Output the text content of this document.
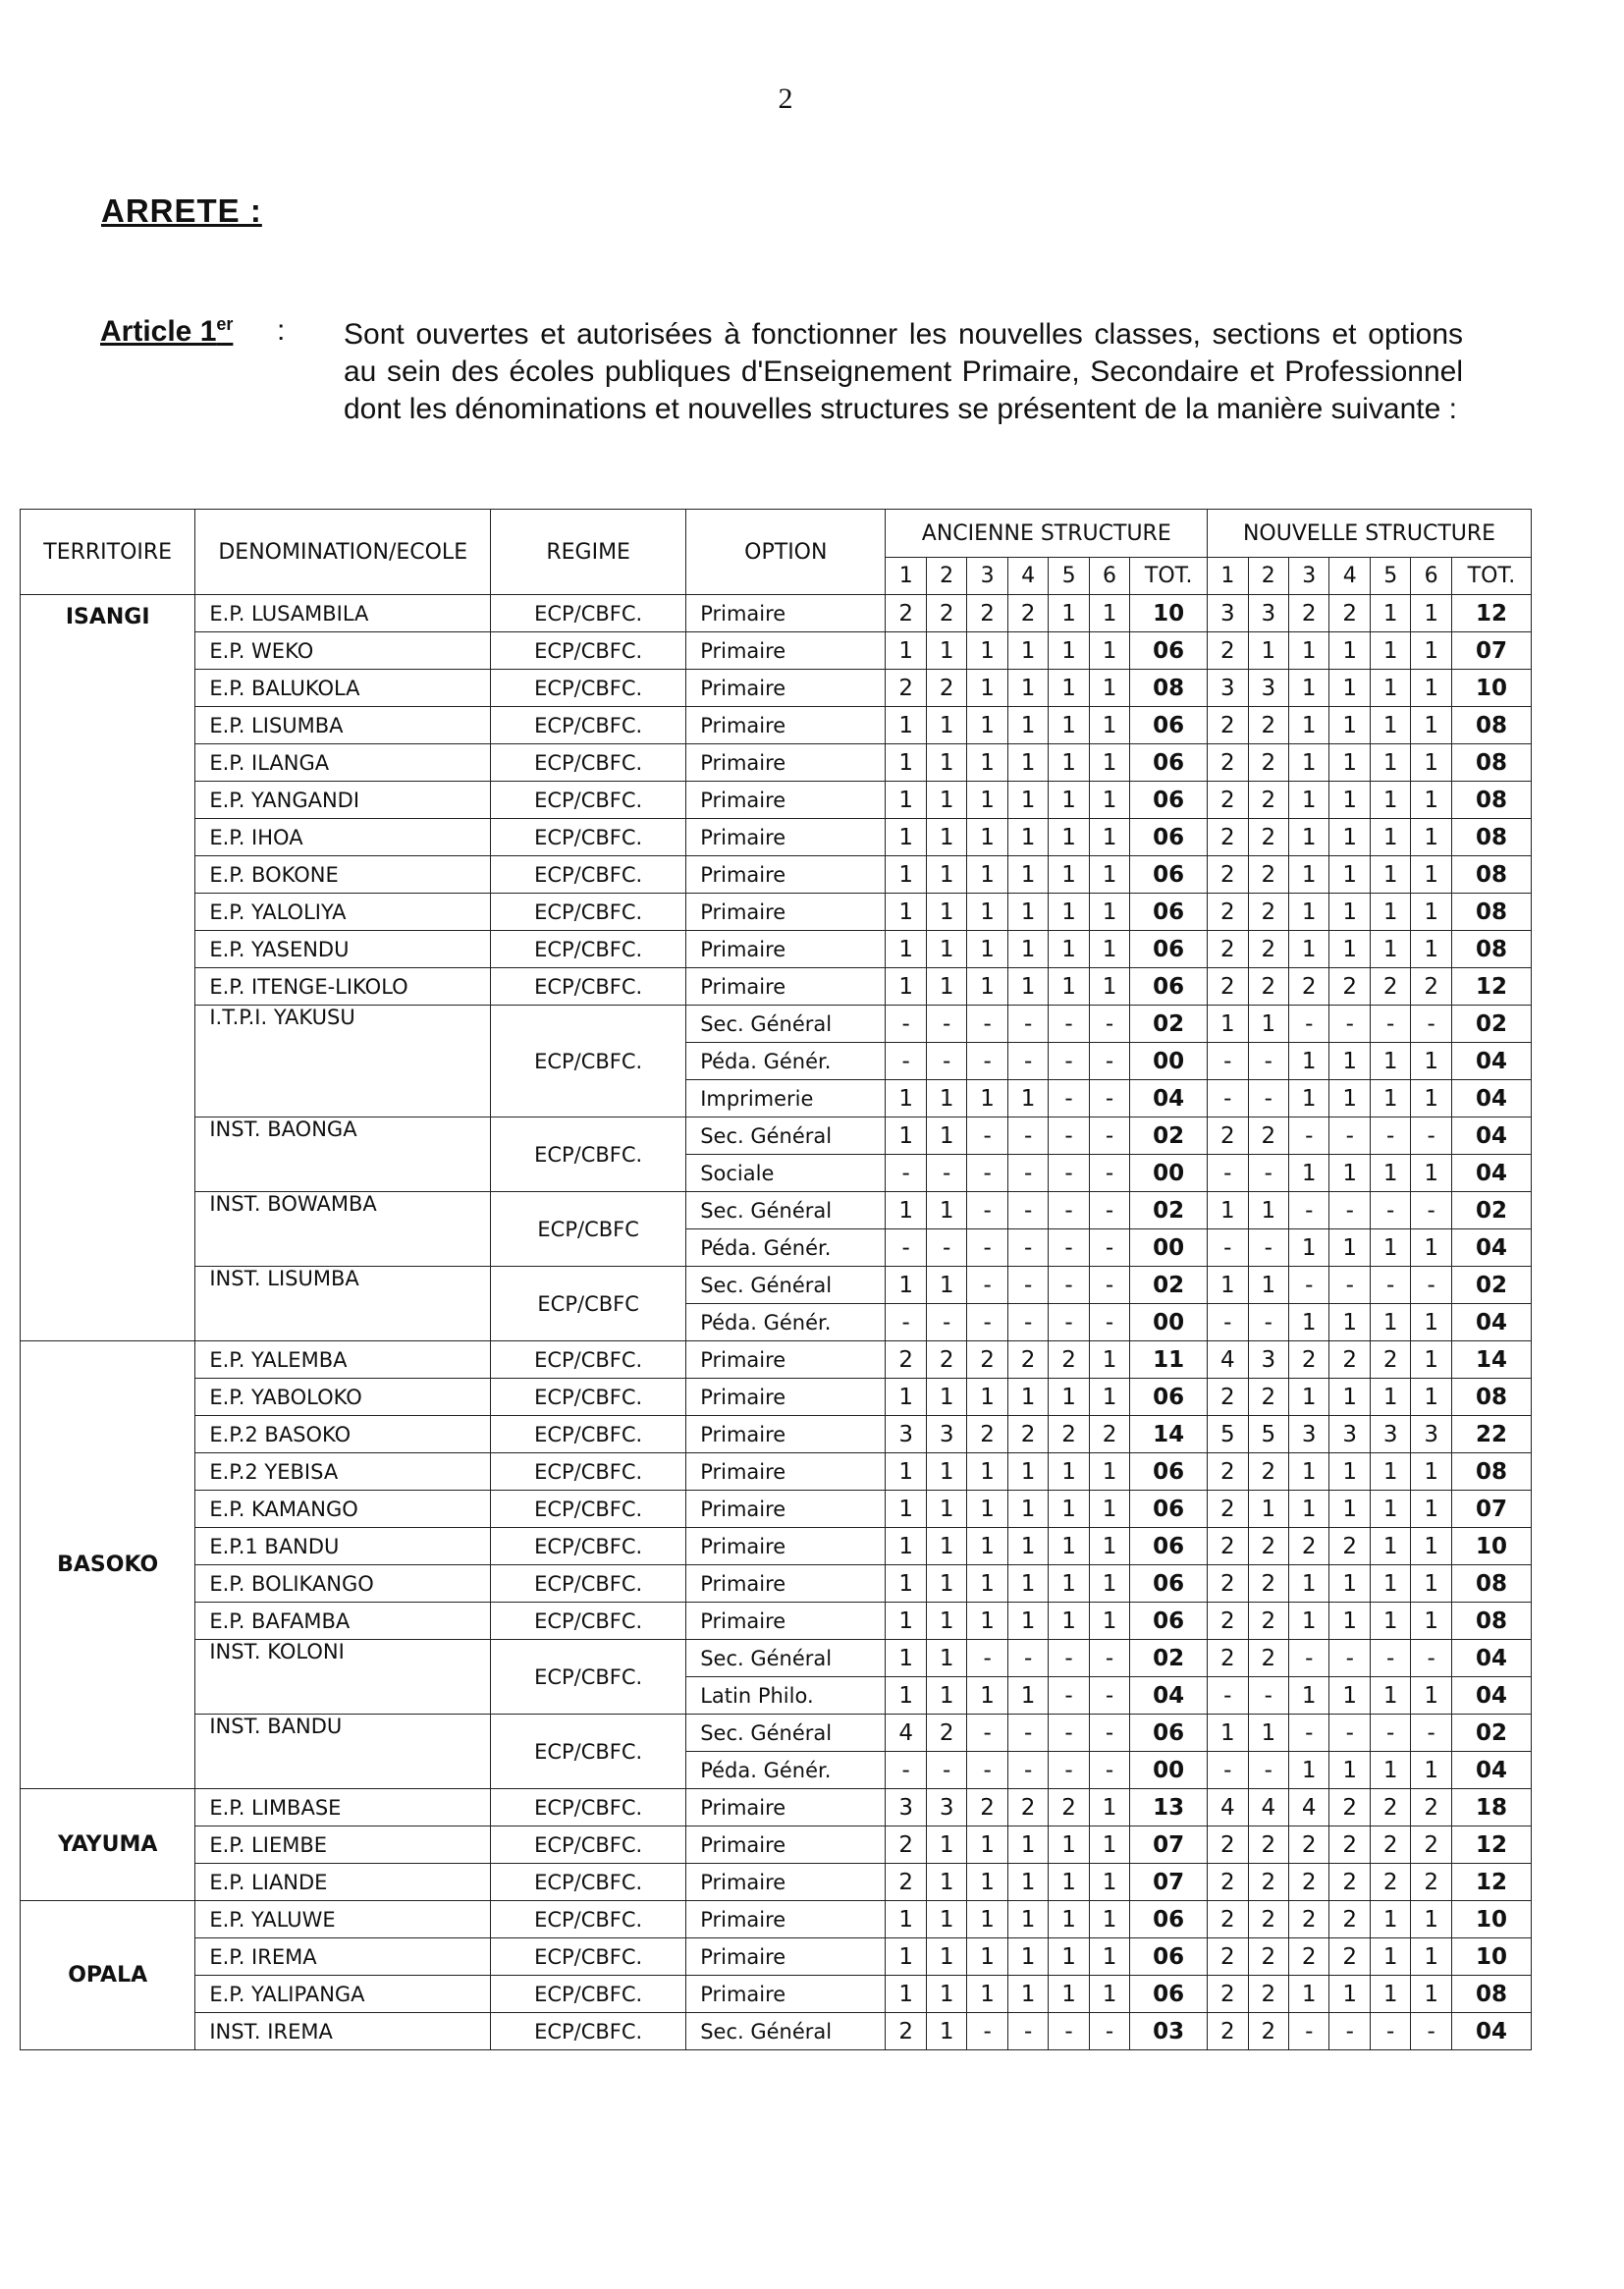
2
ARRETE :
Article 1er : Sont ouvertes et autorisées à fonctionner les nouvelles classes, sections et options au sein des écoles publiques d'Enseignement Primaire, Secondaire et Professionnel dont les dénominations et nouvelles structures se présentent de la manière suivante :
TERRITOIRE	DENOMINATION/ECOLE	REGIME	OPTION	ANCIENNE STRUCTURE							NOUVELLE STRUCTURE						
				1	2	3	4	5	6	TOT.	1	2	3	4	5	6	TOT.
ISANGI	E.P. LUSAMBILA	ECP/CBFC.	Primaire	2	2	2	2	1	1	10	3	3	2	2	1	1	12
	E.P. WEKO	ECP/CBFC.	Primaire	1	1	1	1	1	1	06	2	1	1	1	1	1	07
	E.P. BALUKOLA	ECP/CBFC.	Primaire	2	2	1	1	1	1	08	3	3	1	1	1	1	10
	E.P. LISUMBA	ECP/CBFC.	Primaire	1	1	1	1	1	1	06	2	2	1	1	1	1	08
	E.P. ILANGA	ECP/CBFC.	Primaire	1	1	1	1	1	1	06	2	2	1	1	1	1	08
	E.P. YANGANDI	ECP/CBFC.	Primaire	1	1	1	1	1	1	06	2	2	1	1	1	1	08
	E.P. IHOA	ECP/CBFC.	Primaire	1	1	1	1	1	1	06	2	2	1	1	1	1	08
	E.P. BOKONE	ECP/CBFC.	Primaire	1	1	1	1	1	1	06	2	2	1	1	1	1	08
	E.P. YALOLIYA	ECP/CBFC.	Primaire	1	1	1	1	1	1	06	2	2	1	1	1	1	08
	E.P. YASENDU	ECP/CBFC.	Primaire	1	1	1	1	1	1	06	2	2	1	1	1	1	08
	E.P. ITENGE-LIKOLO	ECP/CBFC.	Primaire	1	1	1	1	1	1	06	2	2	2	2	2	2	12
	I.T.P.I. YAKUSU	ECP/CBFC.	Sec. Général	-	-	-	-	-	-	02	1	1	-	-	-	-	02
			Péda. Génér.	-	-	-	-	-	-	00	-	-	1	1	1	1	04
			Imprimerie	1	1	1	1	-	-	04	-	-	1	1	1	1	04
	INST. BAONGA	ECP/CBFC.	Sec. Général	1	1	-	-	-	-	02	2	2	-	-	-	-	04
			Sociale	-	-	-	-	-	-	00	-	-	1	1	1	1	04
	INST. BOWAMBA	ECP/CBFC	Sec. Général	1	1	-	-	-	-	02	1	1	-	-	-	-	02
			Péda. Génér.	-	-	-	-	-	-	00	-	-	1	1	1	1	04
	INST. LISUMBA	ECP/CBFC	Sec. Général	1	1	-	-	-	-	02	1	1	-	-	-	-	02
			Péda. Génér.	-	-	-	-	-	-	00	-	-	1	1	1	1	04
BASOKO	E.P. YALEMBA	ECP/CBFC.	Primaire	2	2	2	2	2	1	11	4	3	2	2	2	1	14
	E.P. YABOLOKO	ECP/CBFC.	Primaire	1	1	1	1	1	1	06	2	2	1	1	1	1	08
	E.P.2 BASOKO	ECP/CBFC.	Primaire	3	3	2	2	2	2	14	5	5	3	3	3	3	22
	E.P.2 YEBISA	ECP/CBFC.	Primaire	1	1	1	1	1	1	06	2	2	1	1	1	1	08
	E.P. KAMANGO	ECP/CBFC.	Primaire	1	1	1	1	1	1	06	2	1	1	1	1	1	07
	E.P.1 BANDU	ECP/CBFC.	Primaire	1	1	1	1	1	1	06	2	2	2	2	1	1	10
	E.P. BOLIKANGO	ECP/CBFC.	Primaire	1	1	1	1	1	1	06	2	2	1	1	1	1	08
	E.P. BAFAMBA	ECP/CBFC.	Primaire	1	1	1	1	1	1	06	2	2	1	1	1	1	08
	INST. KOLONI	ECP/CBFC.	Sec. Général	1	1	-	-	-	-	02	2	2	-	-	-	-	04
			Latin Philo.	1	1	1	1	-	-	04	-	-	1	1	1	1	04
	INST. BANDU	ECP/CBFC.	Sec. Général	4	2	-	-	-	-	06	1	1	-	-	-	-	02
			Péda. Génér.	-	-	-	-	-	-	00	-	-	1	1	1	1	04
YAYUMA	E.P. LIMBASE	ECP/CBFC.	Primaire	3	3	2	2	2	1	13	4	4	4	2	2	2	18
	E.P. LIEMBE	ECP/CBFC.	Primaire	2	1	1	1	1	1	07	2	2	2	2	2	2	12
	E.P. LIANDE	ECP/CBFC.	Primaire	2	1	1	1	1	1	07	2	2	2	2	2	2	12
OPALA	E.P. YALUWE	ECP/CBFC.	Primaire	1	1	1	1	1	1	06	2	2	2	2	1	1	10
	E.P. IREMA	ECP/CBFC.	Primaire	1	1	1	1	1	1	06	2	2	2	2	1	1	10
	E.P. YALIPANGA	ECP/CBFC.	Primaire	1	1	1	1	1	1	06	2	2	1	1	1	1	08
	INST. IREMA	ECP/CBFC.	Sec. Général	2	1	-	-	-	-	03	2	2	-	-	-	-	04
